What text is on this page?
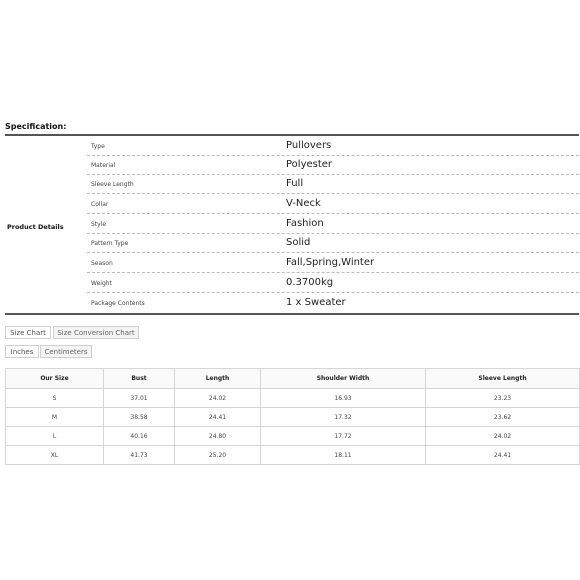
Specification:
Product Details
Type	Pullovers
Material	Polyester
Sleeve Length	Full
Collar	V-Neck
Style	Fashion
Pattern Type	Solid
Season	Fall,Spring,Winter
Weight	0.3700kg
Package Contents	1 x Sweater
Size Chart	Size Conversion Chart
Inches	Centimeters
Our Size	Bust	Length	Shoulder Width	Sleeve Length
S	37.01	24.02	16.93	23.23
M	38.58	24.41	17.32	23.62
L	40.16	24.80	17.72	24.02
XL	41.73	25.20	18.11	24.41
